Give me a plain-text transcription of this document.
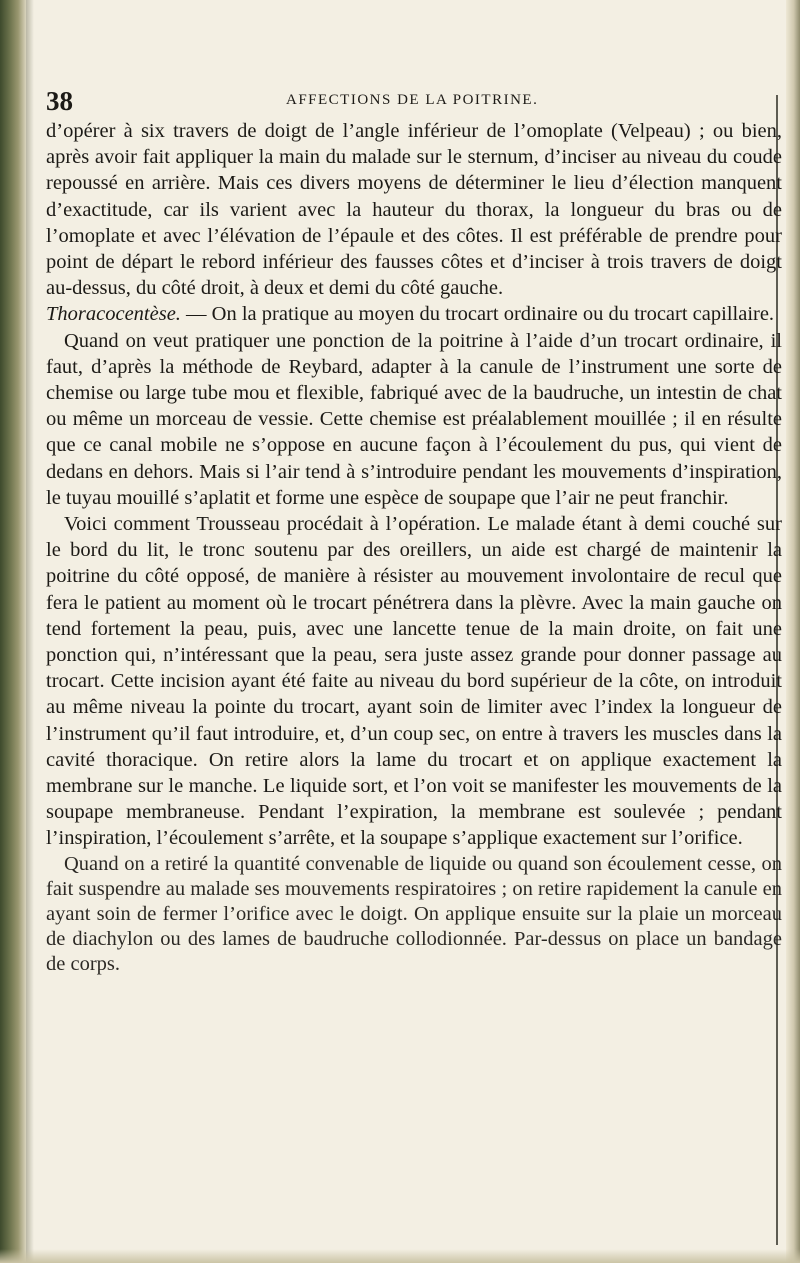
38	AFFECTIONS DE LA POITRINE.

d’opérer à six travers de doigt de l’angle inférieur de l’omoplate (Velpeau) ; ou bien, après avoir fait appliquer la main du malade sur le sternum, d’inciser au niveau du coude repoussé en arrière. Mais ces divers moyens de déterminer le lieu d’élection manquent d’exactitude, car ils varient avec la hauteur du thorax, la longueur du bras ou de l’omoplate et avec l’élévation de l’épaule et des côtes. Il est préférable de prendre pour point de départ le rebord inférieur des fausses côtes et d’inciser à trois travers de doigt au-dessus, du côté droit, à deux et demi du côté gauche.

Thoracocentèse. — On la pratique au moyen du trocart ordinaire ou du trocart capillaire.

Quand on veut pratiquer une ponction de la poitrine à l’aide d’un trocart ordinaire, il faut, d’après la méthode de Reybard, adapter à la canule de l’instrument une sorte de chemise ou large tube mou et flexible, fabriqué avec de la baudruche, un intestin de chat ou même un morceau de vessie. Cette chemise est préalablement mouillée ; il en résulte que ce canal mobile ne s’oppose en aucune façon à l’écoulement du pus, qui vient de dedans en dehors. Mais si l’air tend à s’introduire pendant les mouvements d’inspiration, le tuyau mouillé s’aplatit et forme une espèce de soupape que l’air ne peut franchir.

Voici comment Trousseau procédait à l’opération. Le malade étant à demi couché sur le bord du lit, le tronc soutenu par des oreillers, un aide est chargé de maintenir la poitrine du côté opposé, de manière à résister au mouvement involontaire de recul que fera le patient au moment où le trocart pénétrera dans la plèvre. Avec la main gauche on tend fortement la peau, puis, avec une lancette tenue de la main droite, on fait une ponction qui, n’intéressant que la peau, sera juste assez grande pour donner passage au trocart. Cette incision ayant été faite au niveau du bord supérieur de la côte, on introduit au même niveau la pointe du trocart, ayant soin de limiter avec l’index la longueur de l’instrument qu’il faut introduire, et, d’un coup sec, on entre à travers les muscles dans la cavité thoracique. On retire alors la lame du trocart et on applique exactement la membrane sur le manche. Le liquide sort, et l’on voit se manifester les mouvements de la soupape membraneuse. Pendant l’expiration, la membrane est soulevée ; pendant l’inspiration, l’écoulement s’arrête, et la soupape s’applique exactement sur l’orifice.

Quand on a retiré la quantité convenable de liquide ou quand son écoulement cesse, on fait suspendre au malade ses mouvements respiratoires ; on retire rapidement la canule en ayant soin de fermer l’orifice avec le doigt. On applique ensuite sur la plaie un morceau de diachylon ou des lames de baudruche collodionnée. Par-dessus on place un bandage de corps.
